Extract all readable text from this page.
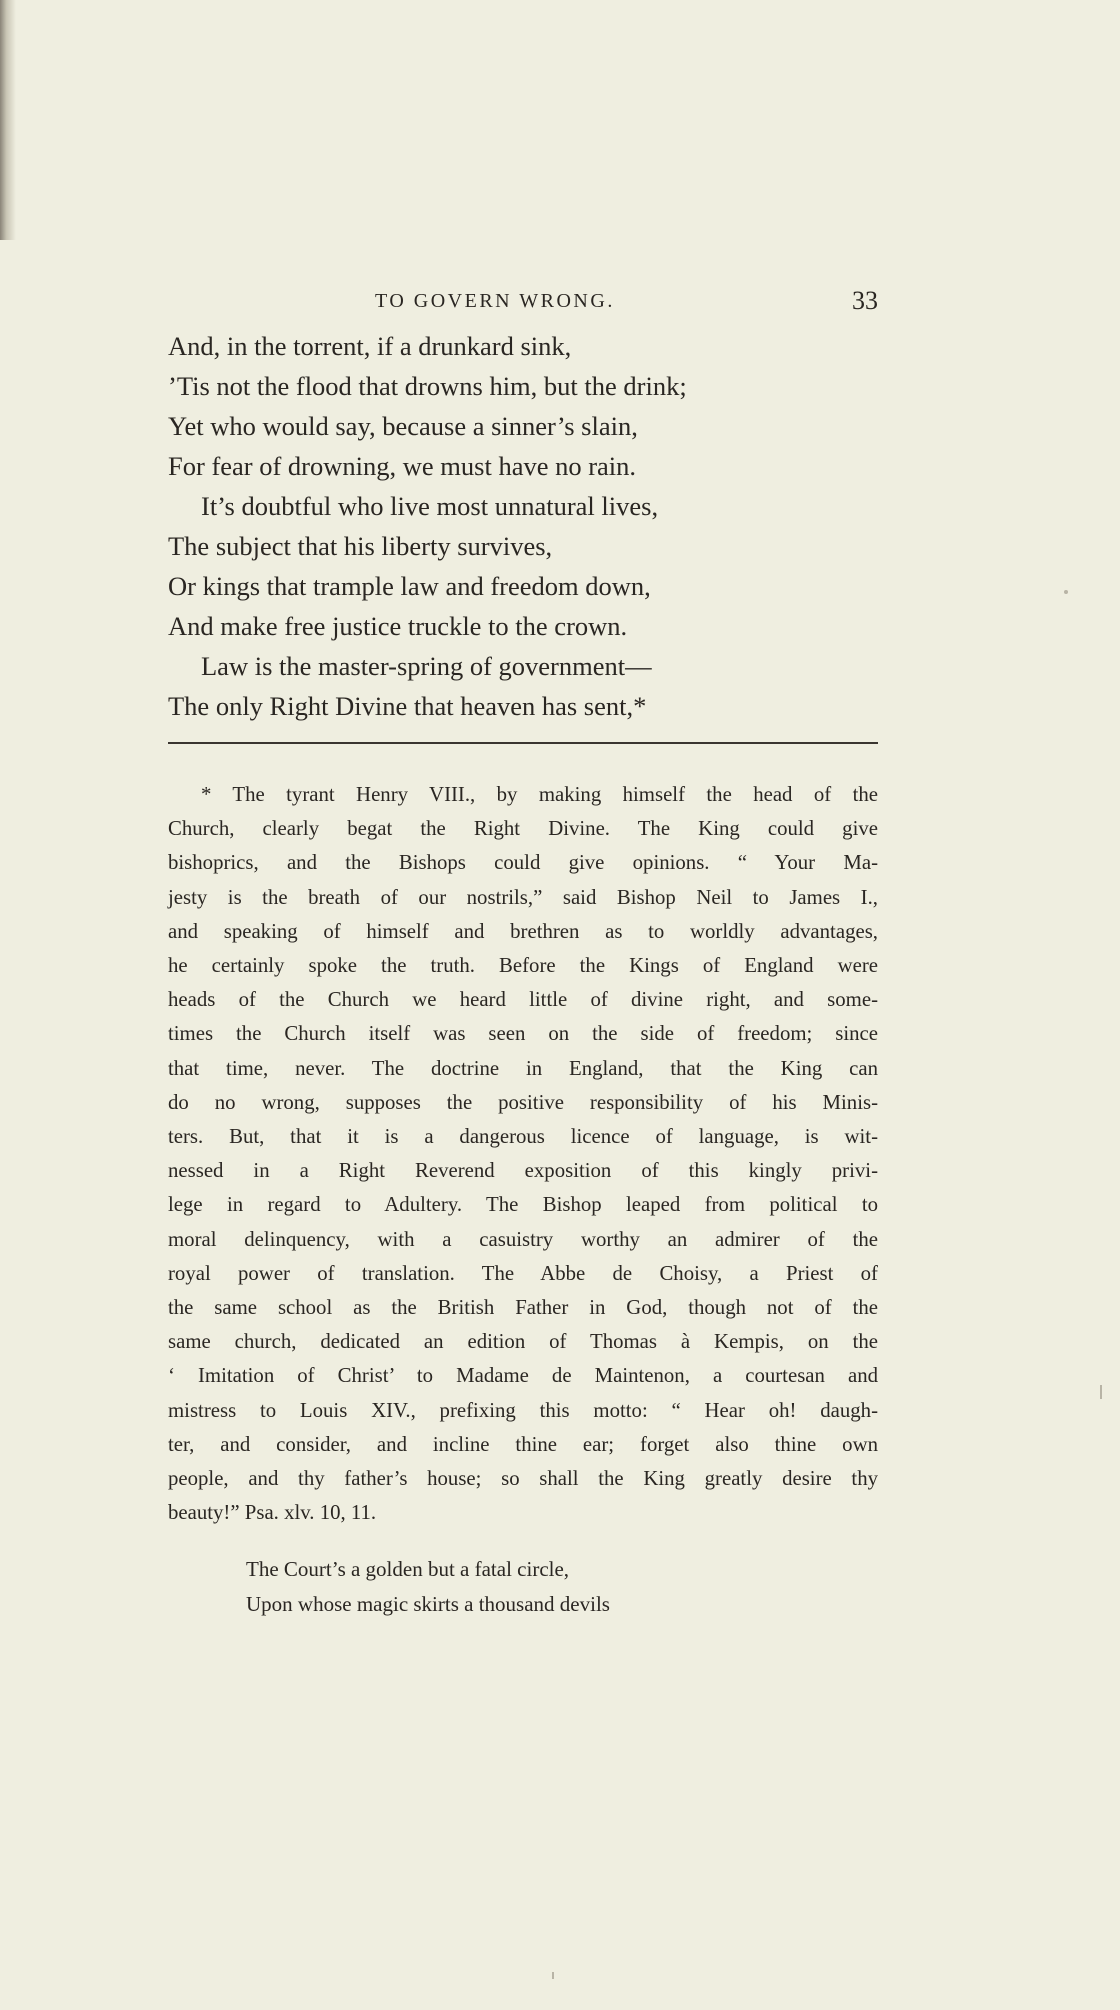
TO GOVERN WRONG.	33
And, in the torrent, if a drunkard sink,
’Tis not the flood that drowns him, but the drink;
Yet who would say, because a sinner’s slain,
For fear of drowning, we must have no rain.
It’s doubtful who live most unnatural lives,
The subject that his liberty survives,
Or kings that trample law and freedom down,
And make free justice truckle to the crown.
Law is the master-spring of government—
The only Right Divine that heaven has sent,*
* The tyrant Henry VIII., by making himself the head of the
Church, clearly begat the Right Divine. The King could give
bishoprics, and the Bishops could give opinions. “ Your Ma-
jesty is the breath of our nostrils,” said Bishop Neil to James I.,
and speaking of himself and brethren as to worldly advantages,
he certainly spoke the truth. Before the Kings of England were
heads of the Church we heard little of divine right, and some-
times the Church itself was seen on the side of freedom; since
that time, never. The doctrine in England, that the King can
do no wrong, supposes the positive responsibility of his Minis-
ters. But, that it is a dangerous licence of language, is wit-
nessed in a Right Reverend exposition of this kingly privi-
lege in regard to Adultery. The Bishop leaped from political to
moral delinquency, with a casuistry worthy an admirer of the
royal power of translation. The Abbe de Choisy, a Priest of
the same school as the British Father in God, though not of the
same church, dedicated an edition of Thomas à Kempis, on the
‘ Imitation of Christ’ to Madame de Maintenon, a courtesan and
mistress to Louis XIV., prefixing this motto: “ Hear oh! daugh-
ter, and consider, and incline thine ear; forget also thine own
people, and thy father’s house; so shall the King greatly desire thy
beauty!” Psa. xlv. 10, 11.
The Court’s a golden but a fatal circle,
Upon whose magic skirts a thousand devils
